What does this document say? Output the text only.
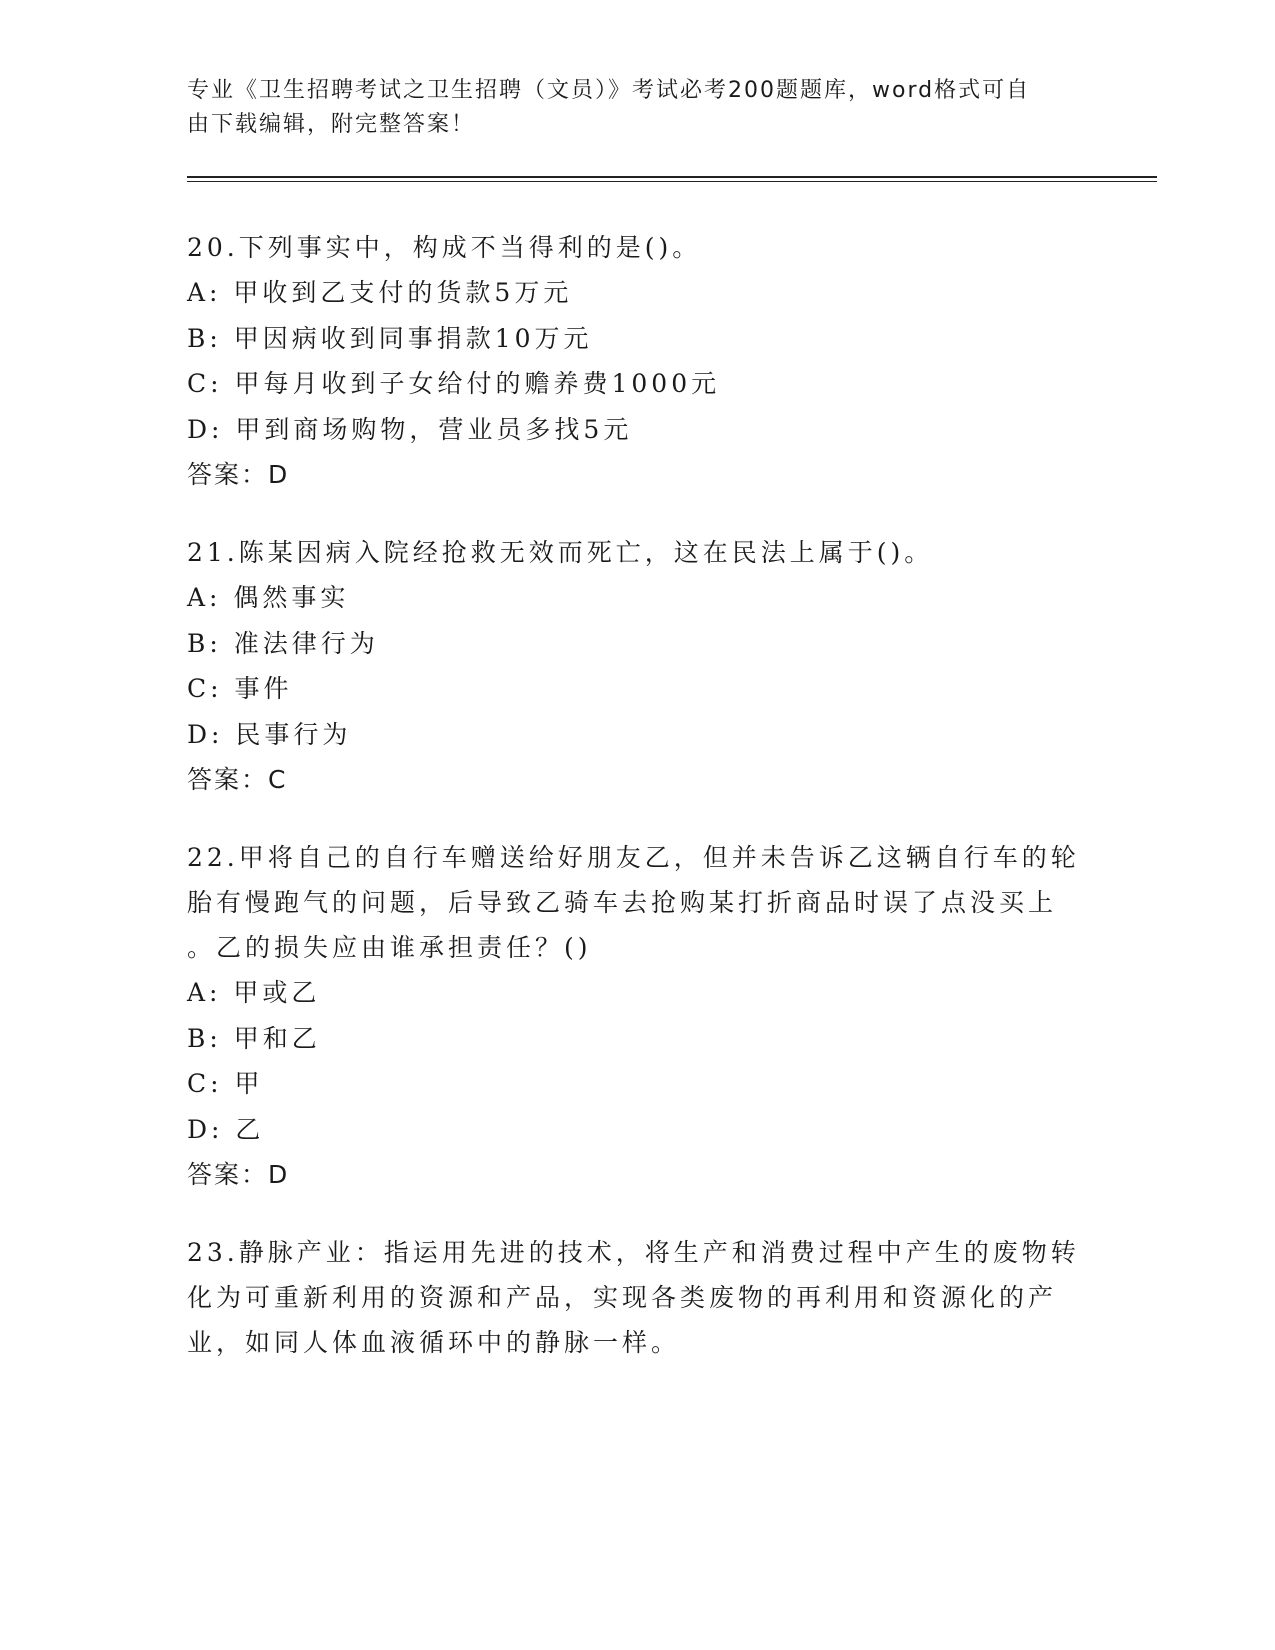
专业《卫生招聘考试之卫生招聘（文员）》考试必考200题题库，word格式可自
由下载编辑，附完整答案！
20.下列事实中，构成不当得利的是()。
A: 甲收到乙支付的货款5万元
B: 甲因病收到同事捐款10万元
C: 甲每月收到子女给付的赡养费1000元
D: 甲到商场购物，营业员多找5元
答案：D
21.陈某因病入院经抢救无效而死亡，这在民法上属于()。
A: 偶然事实
B: 准法律行为
C: 事件
D: 民事行为
答案：C
22.甲将自己的自行车赠送给好朋友乙，但并未告诉乙这辆自行车的轮
胎有慢跑气的问题，后导致乙骑车去抢购某打折商品时误了点没买上
。乙的损失应由谁承担责任？()
A: 甲或乙
B: 甲和乙
C: 甲
D: 乙
答案：D
23.静脉产业：指运用先进的技术，将生产和消费过程中产生的废物转
化为可重新利用的资源和产品，实现各类废物的再利用和资源化的产
业，如同人体血液循环中的静脉一样。
